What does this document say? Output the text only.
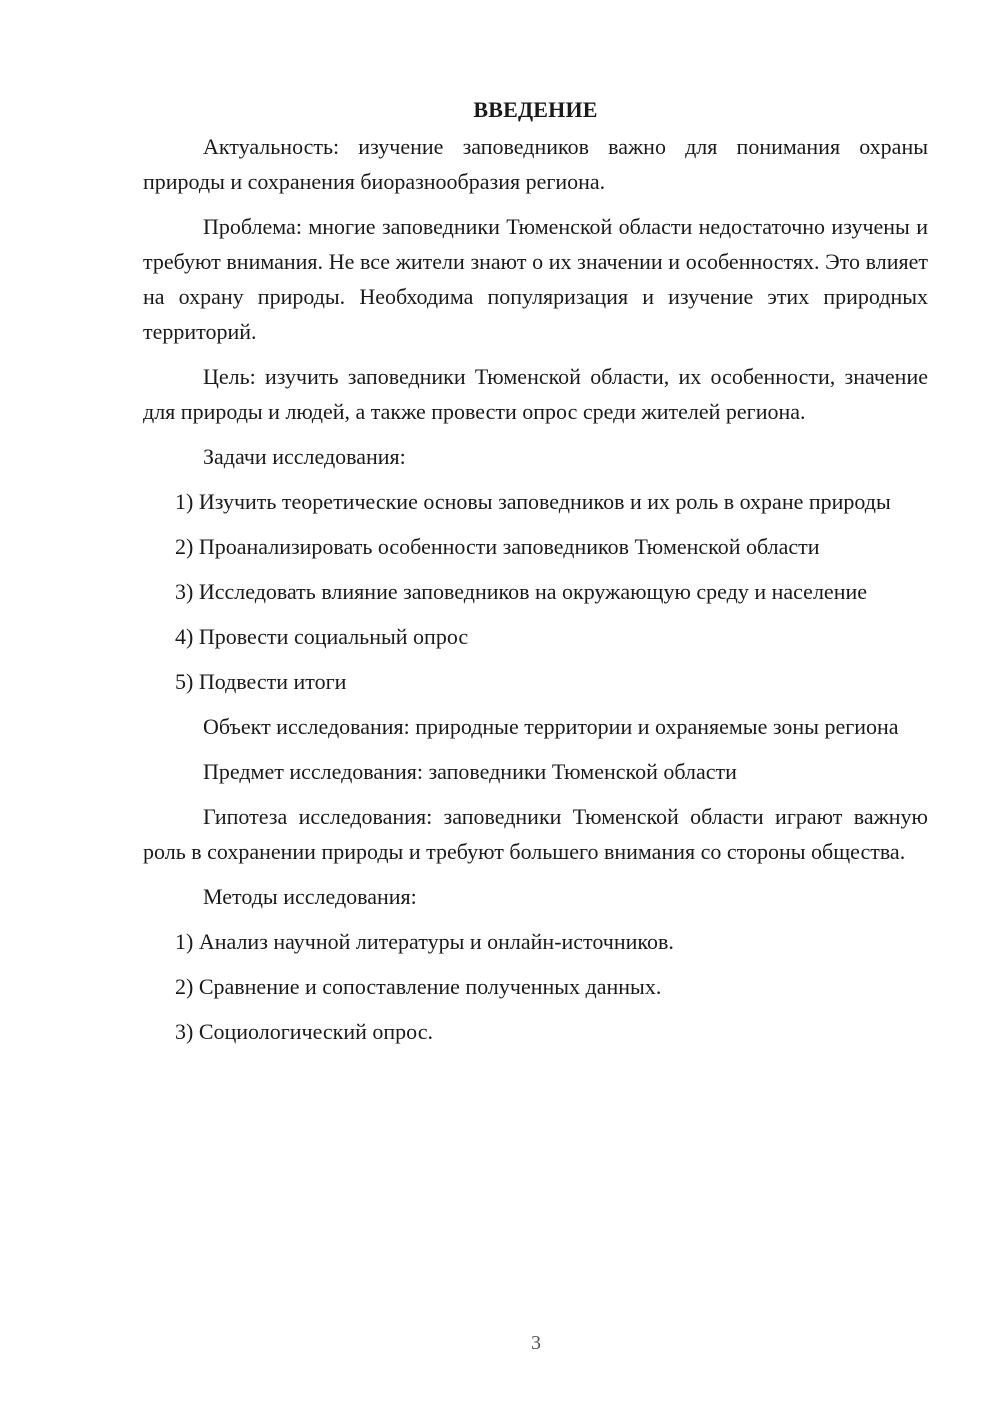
ВВЕДЕНИЕ

Актуальность: изучение заповедников важно для понимания охраны природы и сохранения биоразнообразия региона.

Проблема: многие заповедники Тюменской области недостаточно изучены и требуют внимания. Не все жители знают о их значении и особенностях. Это влияет на охрану природы. Необходима популяризация и изучение этих природных территорий.

Цель: изучить заповедники Тюменской области, их особенности, значение для природы и людей, а также провести опрос среди жителей региона.

Задачи исследования:

1) Изучить теоретические основы заповедников и их роль в охране природы

2) Проанализировать особенности заповедников Тюменской области

3) Исследовать влияние заповедников на окружающую среду и население

4) Провести социальный опрос

5) Подвести итоги

Объект исследования: природные территории и охраняемые зоны региона

Предмет исследования: заповедники Тюменской области

Гипотеза исследования: заповедники Тюменской области играют важную роль в сохранении природы и требуют большего внимания со стороны общества.

Методы исследования:

1) Анализ научной литературы и онлайн-источников.

2) Сравнение и сопоставление полученных данных.

3) Социологический опрос.

3
